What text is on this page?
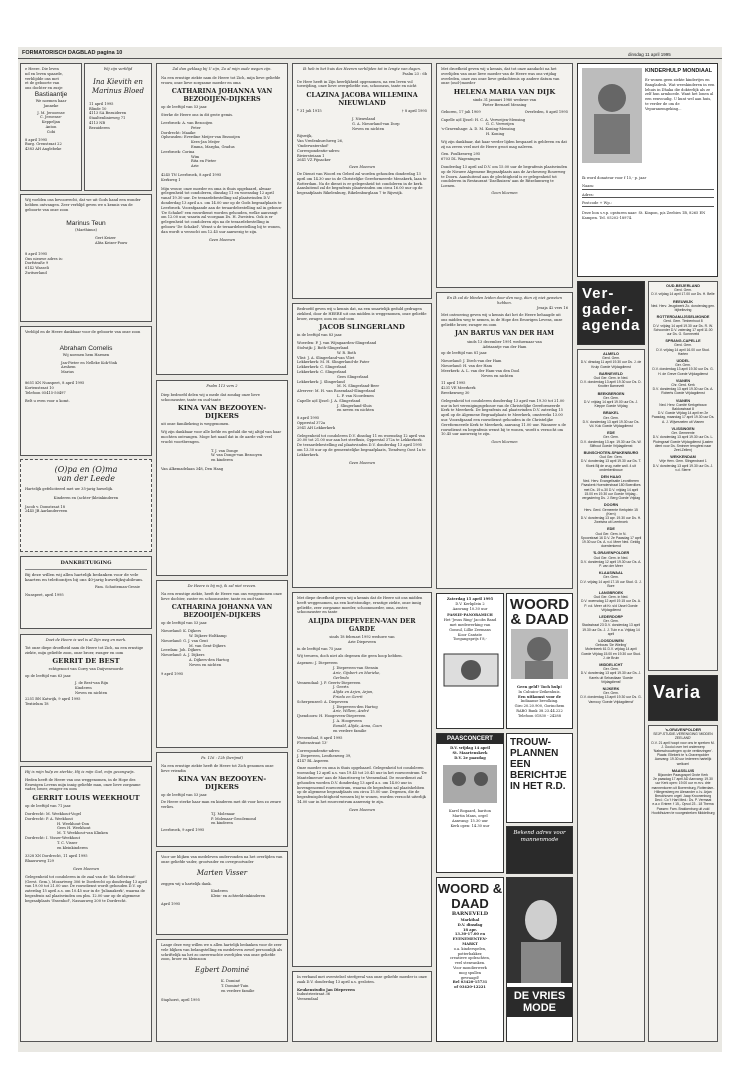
FORMATORISCH DAGBLAD pagina 10	dinsdag 11 april 1995
e Heere. Die leven
nd en leven spaarde,
verblijdde ons met
et de geboorte van
ons dochter en zusje
Bastiaantje
We noemen haar
Janneke
J. M. Jerooense
C. Jeroense-
Keppeljan
Anton
Cobi
8 april 1995
Burg. Grenstraat 22
4383 AH Anglebeke
Wij zijn verblijd
Ina Kievith en Marinus Bloed
11 april 1995
Blinde 10
4113 SA Bezuideren
Staaltenlinieweg 71
4113 NB
Bezuideren
Wij voelden ons bevoorrecht, dat we uit Gods hand een wonder hebben ontvangen. Zeer verblijd geven we u kennis van de geboorte van onze zoon
Marinus Teun
(Marthinus)
Gert Keizer
Alita Keizer-Pouw
8 april 1995
Ons nieuwe adres is:
Dorfstraße 9
6142 Wasseli
Zwitserland
Verblijd en de Heere dankbaar voor de geboorte van onze zoon
Abraham Cornelis
Wij noemen hem Harmen
Jan-Pieter en Nelleke Kok-Vink
Arnhem
Marius
8651 KN Nunspeet, 8 april 1995
Kortenstraat 10
Telefoon 05415-50497
Belt u even voor u komt.
(O)pa en (O)ma
van der Leede
Hartelijk gefeliciteerd met uw 35-jarig huwelijk.
Kinderen en (achter-)kleinkinderen
Jacob v. Domstraat 18
2445 JB Aarlanderveen
DANKBETUIGING
Bij deze willen wij allen hartelijk bedanken voor de vele kaarten en telefoontjes bij ons 40-jarig huwelijksjubileum.
Fam. Schuiteman-Gessie
Nunspeet, april 1995
Doet de Heere is wel is al Zijn weg en werk.
Tot onze diepe droefheid nam de Heere tot Zich, na een ernstige ziekte, mijn geliefde zoon, onze broer, zwager en oom
GERRIT DE BEST
echtgenoot van Corry van Duijvenvoorde
op de leeftijd van 63 jaar.
J. de Best-van Rijn
Kinderen
Neven en nichten
2251 BN Katwijk, 9 april 1995
Textielum 18
Hij is mijn hulp en sterkte, Hij is mijn God, mijn gezangwijs.
Heden heeft de Heere van ons weggenomen, in de Hope des Eeuwigen Levens mijn innig geliefde man, onze lieve zorgzame vader, broer, zwager en oom
GERRIT LOUIS WEEKHOUT
op de leeftijd van 71 jaar.
Dordrecht: M. Weekhout-Vogel
Dordrecht: P. A. Weekhout
H. Weekhout-Don
Gees H. Weekhout
M. T. Weekhout-van Klinken
Dordrecht: I. Visser-Weekhout
T. C. Visser
en kleinkinderen
3328 XN Dordrecht, 11 april 1995
Blaauwweg 129
Geen bloemen
Gelegenheid tot condoleren in de zaal van de 'Ida Seltstraat' (Gerst. Gem.), Mozartweg 306 te Dordrecht op donderdag 13 april van 19.00 tot 21.00 uur. De rouwdienst wordt gehouden D.V. op zaterdag 15 april a.s. om 10.45 uur in de 'Julianakerk', waarna de begrafenis zal plaatsvinden om plm. 12.00 uur op de algemene begraafplaats 'Essenhof', Nassauweg 200 te Dordrecht.
Zal dan geklaag bij U zijn, Zo al mijn oude wegen zijn.
Na een ernstige ziekte nam de Heere tot Zich, mijn lieve geliefde vrouw, onze lieve zorgzame moeder en oma
CATHARINA JOHANNA VAN BEZOOIJEN-DIJKERS
op de leeftijd van 53 jaar.
Sterke de Heere ons in dit grote gemis.
Leerbroek: A. van Bezooijen
Peter
Dordrecht: Maaike
Opheusden: Everdine Meijer-van Bezooijen
Kees-Jan Meijer
Emma, Margha, Gradus
Leerbroek: Corina
Wim
Rita en Pieter
Arie
4245 TN Leerbroek, 8 april 1995
Kerkweg 1
Mijn vrouw, onze moeder en oma is thuis opgebaard, alwaar gelegenheid tot condoleren, dinsdag 11 en woensdag 12 april vanaf 19.30 uur. De teraardebestelling zal plaatsvinden D.V. donderdag 13 april a.s. om 14.00 uur op de Gods begraafplaats te Leerbroek. Voorafgaande aan de teraardebestelling zal in gebouw 'De Schakel' een rouwdienst worden gehouden, welke aanvangt om 12.00 uur, waarin zal voorgaan Ds. H. Zweistra. Ook is er gelegenheid tot condoleren zijn na de teraardebestelling in gebouw 'De Schakel'. Wenst u de teraardebestelling bij te wonen, dan wordt u verzocht om 12.45 uur aanwezig te zijn.
Geen bloemen
Psalm 113 vers 2
Diep bedroefd delen wij u mede dat zondag onze lieve schoonzuster, tante en oud-tante
KINA VAN BEZOOYEN-DIJKERS
uit onze familiekring is weggenomen.
Wij zijn dankbaar voor alle liefde en geduld die wij altijd van haar mochten ontvangen. Moge het naad dat in de aarde valt veel vrucht voortbrengen.
T. J. van Donge
W. van Donge-van Bezooyen
en kinderen
Van Alkemadelaan 348, Den Haag
De Heere is bij mij, ik zal niet vrezen.
Na een ernstige ziekte, heeft de Heere van ons weggenomen onze lieve dochter, zuster en schoonzuster, tante en oud-tante
CATHARINA JOHANNA VAN BEZOOIJEN-DIJKERS
op de leeftijd van 53 jaar.
Nieuwland: K. Dijkers
W. Dijkers-Holtkamp
Nieuwland: G. J. van Gent
M. van Gent-Dijkers
Leerdam: Joh. Dijkers
Nieuwland: A. J. Dijkers
A. Dijkers-den Hartog
Neven en nichten
9 april 1995
Ps. 116 : 12b (berijmd)
Na een ernstige ziekte heeft de Heere tot Zich genomen onze lieve vriendin
KINA VAN BEZOOYEN-DIJKERS
op de leeftijd van 53 jaar.
De Heere sterke haar man en kinderen met dit voor hen zo zware verlies.
T.J. Molenaar
P. Molenaar-Groolemond
en kinderen
Leerbroek, 9 april 1995
Voor uw blijken van medeleven ondervonden na het overlijden van onze geliefde vader, grootvader en overgrootvader
Marten Visser
zeggen wij u hartelijk dank.
Kinderen
Klein- en achterkleinkinderen
April 1995
Lange deze weg willen we u allen hartelijk bedanken voor de zeer vele blijken van belangstelling en medeleven zowel persoonlijk als schriftelijk na het zo onverwachte overlijden van onze geliefde zoon, broer en kleinzoon
Egbert Dominé
K. Dominé
T. Dominé-Tuin
en verdere familie
Staphorst, april 1995
Ik heb in het huis des Heeren verblijden tot in lengte van dagen.
Psalm 23 : 6b
De Here heeft in Zijn heerlijkheid opgenomen, na een leven vol toewijding, onze lieve overgeliefde zus, schoonzus, tante en nicht
CLAZINA JACOBA WILLEMINA NIEUWLAND
* 31 juli 1915	† 8 april 1995
J. Nieuwland
G. A. Nieuwland-van Dorp
Neven en nichten
Rijswijk,
Van Vredenburchweg 26,
'Onderwatershof'
Correspondentie-adres:
Riviersteiaan 1
2641 VZ Pijnacker
Geen bloemen
De Dienst van Woord en Gebed zal worden gehouden donderdag 13 april om 14.30 uur in de Christelijke Gereformeerde Menskerk, laan te Rotterdam. Na de dienst is er gelegenheid tot condoleren in de kerk. Aansluitend zal de begrafenis plaatsvinden om circa 16.00 uur op de begraafplaats Rikelenburg, Rikelenburglaan 7 te Rijswijk.
Bedroefd geven wij u kennis dat, na een smartelijk geduld gedragen ziekbed, door de HEERE uit ons midden is weggenomen, onze geliefde broer, zwager, oom en oud-oom
JACOB SLINGERLAND
in de leeftijd van 83 jaar.
Woerden: P. J. van Wijngaarden-Slingerland
Stolwijk: J. Both-Slingerland
W. R. Both
Vlist: J. A. Slingerland-van Vliet
Lekkerkerk: M. H. Slingerland-de Pater
Lekkerkerk: C. Slingerland
Lekkerkerk: C. Slingerland
Gees Slingerland
Lekkerkerk: J. Slingerland
M. N. Slingerland-Beer
Alverver: M. H. van Rosendaal-Slingerland
L. P. van Noordenen
Capelle a/d IJssel: J. A. Slingerland
J. Slingerland-Sluis
en neven en nichten
8 april 1995
Opperstal 372a
2941 AH Lekkerkerk
Gelegenheid tot condoleren D.V. dinsdag 11 en woensdag 12 april van 20.00 tot 21.00 uur aan het sterfhuis, Opperstal 372a te Lekkerkerk. De teraardebestelling zal plaatsvinden D.V. donderdag 13 april 1995 om 13.30 uur op de gemeentelijke begraafplaats, Tiendweg Oost 1a te Lekkerkerk.
Geen bloemen
Met diepe droefheid geven wij u kennis dat de Heere uit ons midden heeft weggenomen, na een kortstondige, ernstige ziekte, onze innig geliefde, zeer zorgzame moeder, schoonmoeder, oma, zuster, schoonzuster en tante
ALIJDA DIEPEVEEN-VAN DER GARDE
sinds 18 februari 1992 weduwe van
Arie Diepeveen
in de leeftijd van 75 jaar.
Wij treuren, doch niet als degenen die geen hoop hebben.
Aspenen: J. Diepeveen
J. Diepeveen-van Stensin
Arie, Gijsbert en Marieke,
Gerlinda
Vennendaal: J. P. Geerts-Diepeveen
J. Geerts
Alijda en Arjen, Arjan,
Frieda en Gerrit
Scherpenzeel: A. Diepeveen
J. Diepeveen-den Hartog
Arie, Willem, André
IJsendoorn: H. Hoogeveen-Diepeveen
J. A. Hoogeveen
Ronald, Alijda, Anna, Coen
en verdere familie
Veenendaal, 8 april 1995
Fluitenstraat 13'
Correspondentie-adres:
J. Diepeveen, Lenthenweg 39,
4147 BL Asperen
Onze moeder en oma is thuis opgebaard. Gelegenheid tot condoleren woensdag 12 april a.s. van 19.45 tot 20.45 uur in het rouwcentrum 'De Mantelmeeuw' aan de Mauritsweg te Veenendaal. De rouwdienst zal gehouden worden D.V. donderdag 13 april a.s. om 14.00 uur in bovengenoemd rouwcentrum, waarna de begrafenis zal plaatshebben op de algemene begraafplaats om circa 15.00 uur. Degenen, die de begrafenisplechtigheid wensen bij te wonen, worden verzocht uiterlijk 14.00 uur in het rouwcentrum aanwezig te zijn.
Geen bloemen
In verband met overstelsel sterfgeval van onze geliefde moeder is onze zaak D.V. donderdag 13 april a.s. gesloten.
Keukenstudio Jan Diepeveen
Industriestraat 36
Veenendaal
Met droefheid geven wij u kennis, dat tot onze aandacht na het overlijden van onze lieve moeder van de Heere was ons vrijdag overleden, onze zus onze lieve gedachtenis op andere datum van onze (oud-)moeder
HELENA MARIA VAN DIJK
sinds 31 januari 1980 weduwe van
Pieter Bernard Mensing
Geboren, 17 juli 1909	Overleden, 8 april 1995
Capelle a/d IJssel: H. C. A. Verweijen-Mensing
G. C. Verweijen
's-Gravenhage: A. D. M. Koning-Mensing
H. Koning
Wij zijn dankbaar, dat haar verder lijden bespaard is gebleven en dat zij na zeven veel met de Heere groot mag naleven.
Gen. Foulkesweg 295
6703 DL Wageningen
Donderdag 13 april zal D.V. om 15.00 uur de begrafenis plaatsvinden op de Nieuwe Algemene Begraafplaats aan de Archesweg Rouwweg te Doorn. Aansluitend aan de plechtigheid is er gelegenheid tot condoleren in Restaurant 'Daelhuizen' aan de Ritzelumweg te Loenen.
Geen bloemen
En Ik zal de blinden leiden door den weg, dien zij niet geweten hebben.
Jesaja 42 vers 16
Met ontroering geven wij u kennis dat het de Heere behaagde uit ons midden weg te nemen, in de Hope des Eeuwigen Levens, onze geliefde broer, zwager en oom
JAN BARTUS VAN DER HAM
sinds 13 december 1991 weduwnaar van
Adriaantje van der Ham
op de leeftijd van 81 jaar.
Nieuwland: J. Dirch-van der Ham
Nieuwland: H. van der Ham
Meerkerk: A. L. van der Ham-van den Dool
Neven en nichten
11 april 1995
4231 VE Meerkerk
Breekenweg 30
Gelegenheid tot condoleren donderdag 13 april van 19.30 tot 21.00 uur in het verenigingsgebouw van de Christelijke Gereformeerde Kerk te Meerkerk. De begrafenis zal plaatsvinden D.V. zaterdag 15 april op de Algemene Begraafplaats te Meerkerk, omstreeks 13.00 uur. Voorafgaand een rouwdienst gehouden in de Christelijke Gereformeerde Kerk te Meerkerk, aanvang 11.00 uur. Wanneer u de rouwdienst en begrafenis wenst bij te wonen, wordt u verzocht om 10.45 uur aanwezig te zijn.
Geen bloemen
Zaterdag 15 april 1995
D.V. Kerkplein 2
Aanvang 10.30 uur
PASSIE-PANORAMICH
Het 'Jesus Ring' Jacobs Band
met medewerking van
Gonsul, Lillie Zeemans
Koor Cantate
Toegangsprijs f 8,-
WOORD & DAAD
Geen geld? Toch hulp!
In Cubuico-Zeikenhuis.
Een uitkomst voor de
Indiaanse bevolking.
Giro 20.20.900, Gorinchem
RABO Bank 38.23.44.222
Telefoon 01830 - 24288
PAASCONCERT
D.V. vrijdag 14 april
St. Maartenskerk
D.V. 2e paasdag
Karel Bogaard, bariton
Martin Mans, orgel
Aanvang: 15.30 uur
Kerk open: 14.30 uur
TROUW-PLANNEN EEN BERICHTJE IN HET R.D.
Bekend adres voor mannenmode
WOORD & DAAD
BARNEVELD
Markthal
D.V. dinsdag
18 apr.
13.30-17.00 en
EVENEMENTEN-
MARKT
o.a. kinderspelen,
potterbakker,
creatieve opdrachten,
veel stenvanken.
Voor mondierwerk
mog spullen
gevraagd!
Bel 03420-15731
of 03420-12221
DE VRIES MODE
KINDERHULP MONDIAAL
Er wonen geen ziekte kindertjes en Bangladesh. Wat weeskinderen in een lehuis in Dhaka die dokterlijk als ze zelf hun armhoede. Want het lonen al een eenvoudig. U kunt wel aan huis, te verder de om de Vepuranemgeking...
Ik word donateur voor f 15,- p. jaar
Naam:
Adres:
Postcode + Wp.:
Deze bon s.v.p. opsturen naar: St. Kinpon, p/a Zeebies 1B, 8265 EN Kampen. Tel. 05202-18974.
Ver-gader-agenda
ALMELO
Gerd. Gem.
D.V. dinsdag 11 april 19.30 uur Ds. J. de Kruip Goede Vrijdagdienst
BARNEVELD
Oud Ger. Gem. in Ned.
D.V. donderdag 13 april 19.30 uur Ds. D. Knotter Barnevelt
BEEKBERGEN
Ger. Gem.
D.V. vrijdag 14 april 19.00 uur Ds. J. Kieppe Goede Vrijdag
BRAKEL
Ger. Gem.
D.V. donderdag 13 april 19.30 uur Ds. Vd. Kok Goede Vrijdagdienst
EDE
Ger. Gem.
D.V. donderdag 13 apr. 19.30 uur Ds. W. Silfhout Goede Vrijdagdienst
BUNSCHOTEN-SPAKENBURG
Oud Ger. Gem.
D.V. donderdag 13 april 19.30 uur Ds. T. Kloek Bij de crug, natte woll. 4 uit onderkerkbouw
DEN HAAG
Ned. Herv. Evangelisatie Leonitheren
Paaskerk Huenderstraat 180 Boerdikes met Ds. 19 u-30 D.V. vrijdag 14 april 15.00 en 19.30 uur Goede Vrijdag - vergadering Ds. J. Berg Goede Vrijdag
DOORN
Herv. Gerd. Gemeente Kerkplein 15 (Kern)
D.V. donderdag 13 apr. 19.30 uur Ds. H. Zweistra uit Leerbroek
EDE
Oud Ger. Gem. in N.
Spoorstraat 16 D.V. 2e Paasdag 17 april 19.30 uur Ds. A. v.d. Meer Ned. Geldig duerdenkend
'S-GRAVENPOLDER
Oud Ger. Gem. in Ned.
D.V. donderdag 12 april 19.30 uur Ds. A. P. van der Meer
KLAASWAAL
Ger. Gem.
D.V. vrijdag 14 april 17.15 uur Stud. G. J. Bore
LANGBROEK
Oud Ger. Gem. in Ned.
D.V. woensdag 12 april 19.15 uur Ds. A. P. v.d. Meer uit Kr. s/d IJssel Goede Vrijdagdienst
LEDERDORP
Ger. Gem.
Stadsstraat 23 D.V. donderdag 13 april 19.30 uur Ds. J. J. Tuin e.a. Vrijdag 14 april
LOOSDUINEN
Gebouw 'De Wieling'
Molenbeek 61 D.V. vrijdag 14 april Goede Vrijdag 15.00 en 19.30 uur Stud. J. de Bruin
MIDDELICHT
Ger. Gem.
D.V. donderdag 13 april 19.30 uur Ds. J. Karels uit Sebastiaan 'Goede Vrijdagdienst'
NIJKERK
Ger. Gem.
D.V. donderdag 13 april 19.30 uur Ds. G. Vanrooy 'Goede Vrijdagdienst'
OUD-BEIJERLAND
Gerd. Gem.
D.V. vrijdag 14 april 17.00 uur Ds. H. Belle
REEUWIJK
Ned. Herv. Jeugdwerk Zo. donderdag gen. bijbellezing
ROTTERDAM-IJSSELMONDE
Gerd. Gem. Timbenhout 8
D.V. vrijdag 14 april 19.30 uur Ds. R. W. Schoonder D.V. zaterdag 17 april 11.00 uur Ds. G. Sonneveld
SPRANG-CAPELLE
Gerd. Gem.
D.V. vrijdag 14 april 16.00 uur Stud. Harten
UDDEL
Ger. Gem.
D.V. donderdag 13 april 19.30 uur Ds. G. H. de Greve Goede Vrijdagdienst
VIANEN
Chr. Gerd. Kerk
D.V. donderdag 13 april 19.30 uur Ds. A. Roberts Goede Vrijdagdienst
VIANEN
Ned. Herv. Comité Kerkgebouw Baldosstraat 8
D.V. Goede Vrijdag 14 april en 2e Paasdag, maandag 17 april 19.30 uur Ds. A. J. Wijvesnelen uit Vianen
VLISSINGEN
Ger. Gemeente
D.V. donderdag 13 april 19.30 uur Ds. L. Pluimgraaf Goede Vrijdagdienst (Lasten dient voor Ds. Sminner terugtest naar Zeel-Zellen)
WEKKENDAM
Vrije Herv. Gem. Slingendrant 1
D.V. donderdag 13 april 19.30 uur Ds. J. v.d. Sterre
Varia
's-GRAVENPOLDER
SEJP-STUDIE-VERENIGING 'MIDDEN ZEELAND'
D.V. 21 april hoopt voor ons te spreken M. J. Gooiul over het onderwerp 'Nabeschouwingen op de verkiezingen'. Plaats: Ellekerk te 's-Gravenpolder Aanvang: 19.30 uur Iedereen hartelijk welkom!
MAASSLUIS
Bijzonder Paasgospel Grote Kerk
2e paasdag 17 april AD Aanvang: 19.30 uur Kerk open: 19.00 uur m.m.v. drie mannenkoren uit Boerenburg, Rotterdam-Hillegersberg en Alexander o.l.v. Arjan Breukhoven orgel: Jaap Kroonenburg Decl.: Co 't Hart Med.: Ds. P. Vermaat e.a.v. Entree: f 15,- Opvol 23 - 18 Thema Passen: Fam. Brakkenburg uit zuid Hoofdhuizen te voorgestreken Middelburg
